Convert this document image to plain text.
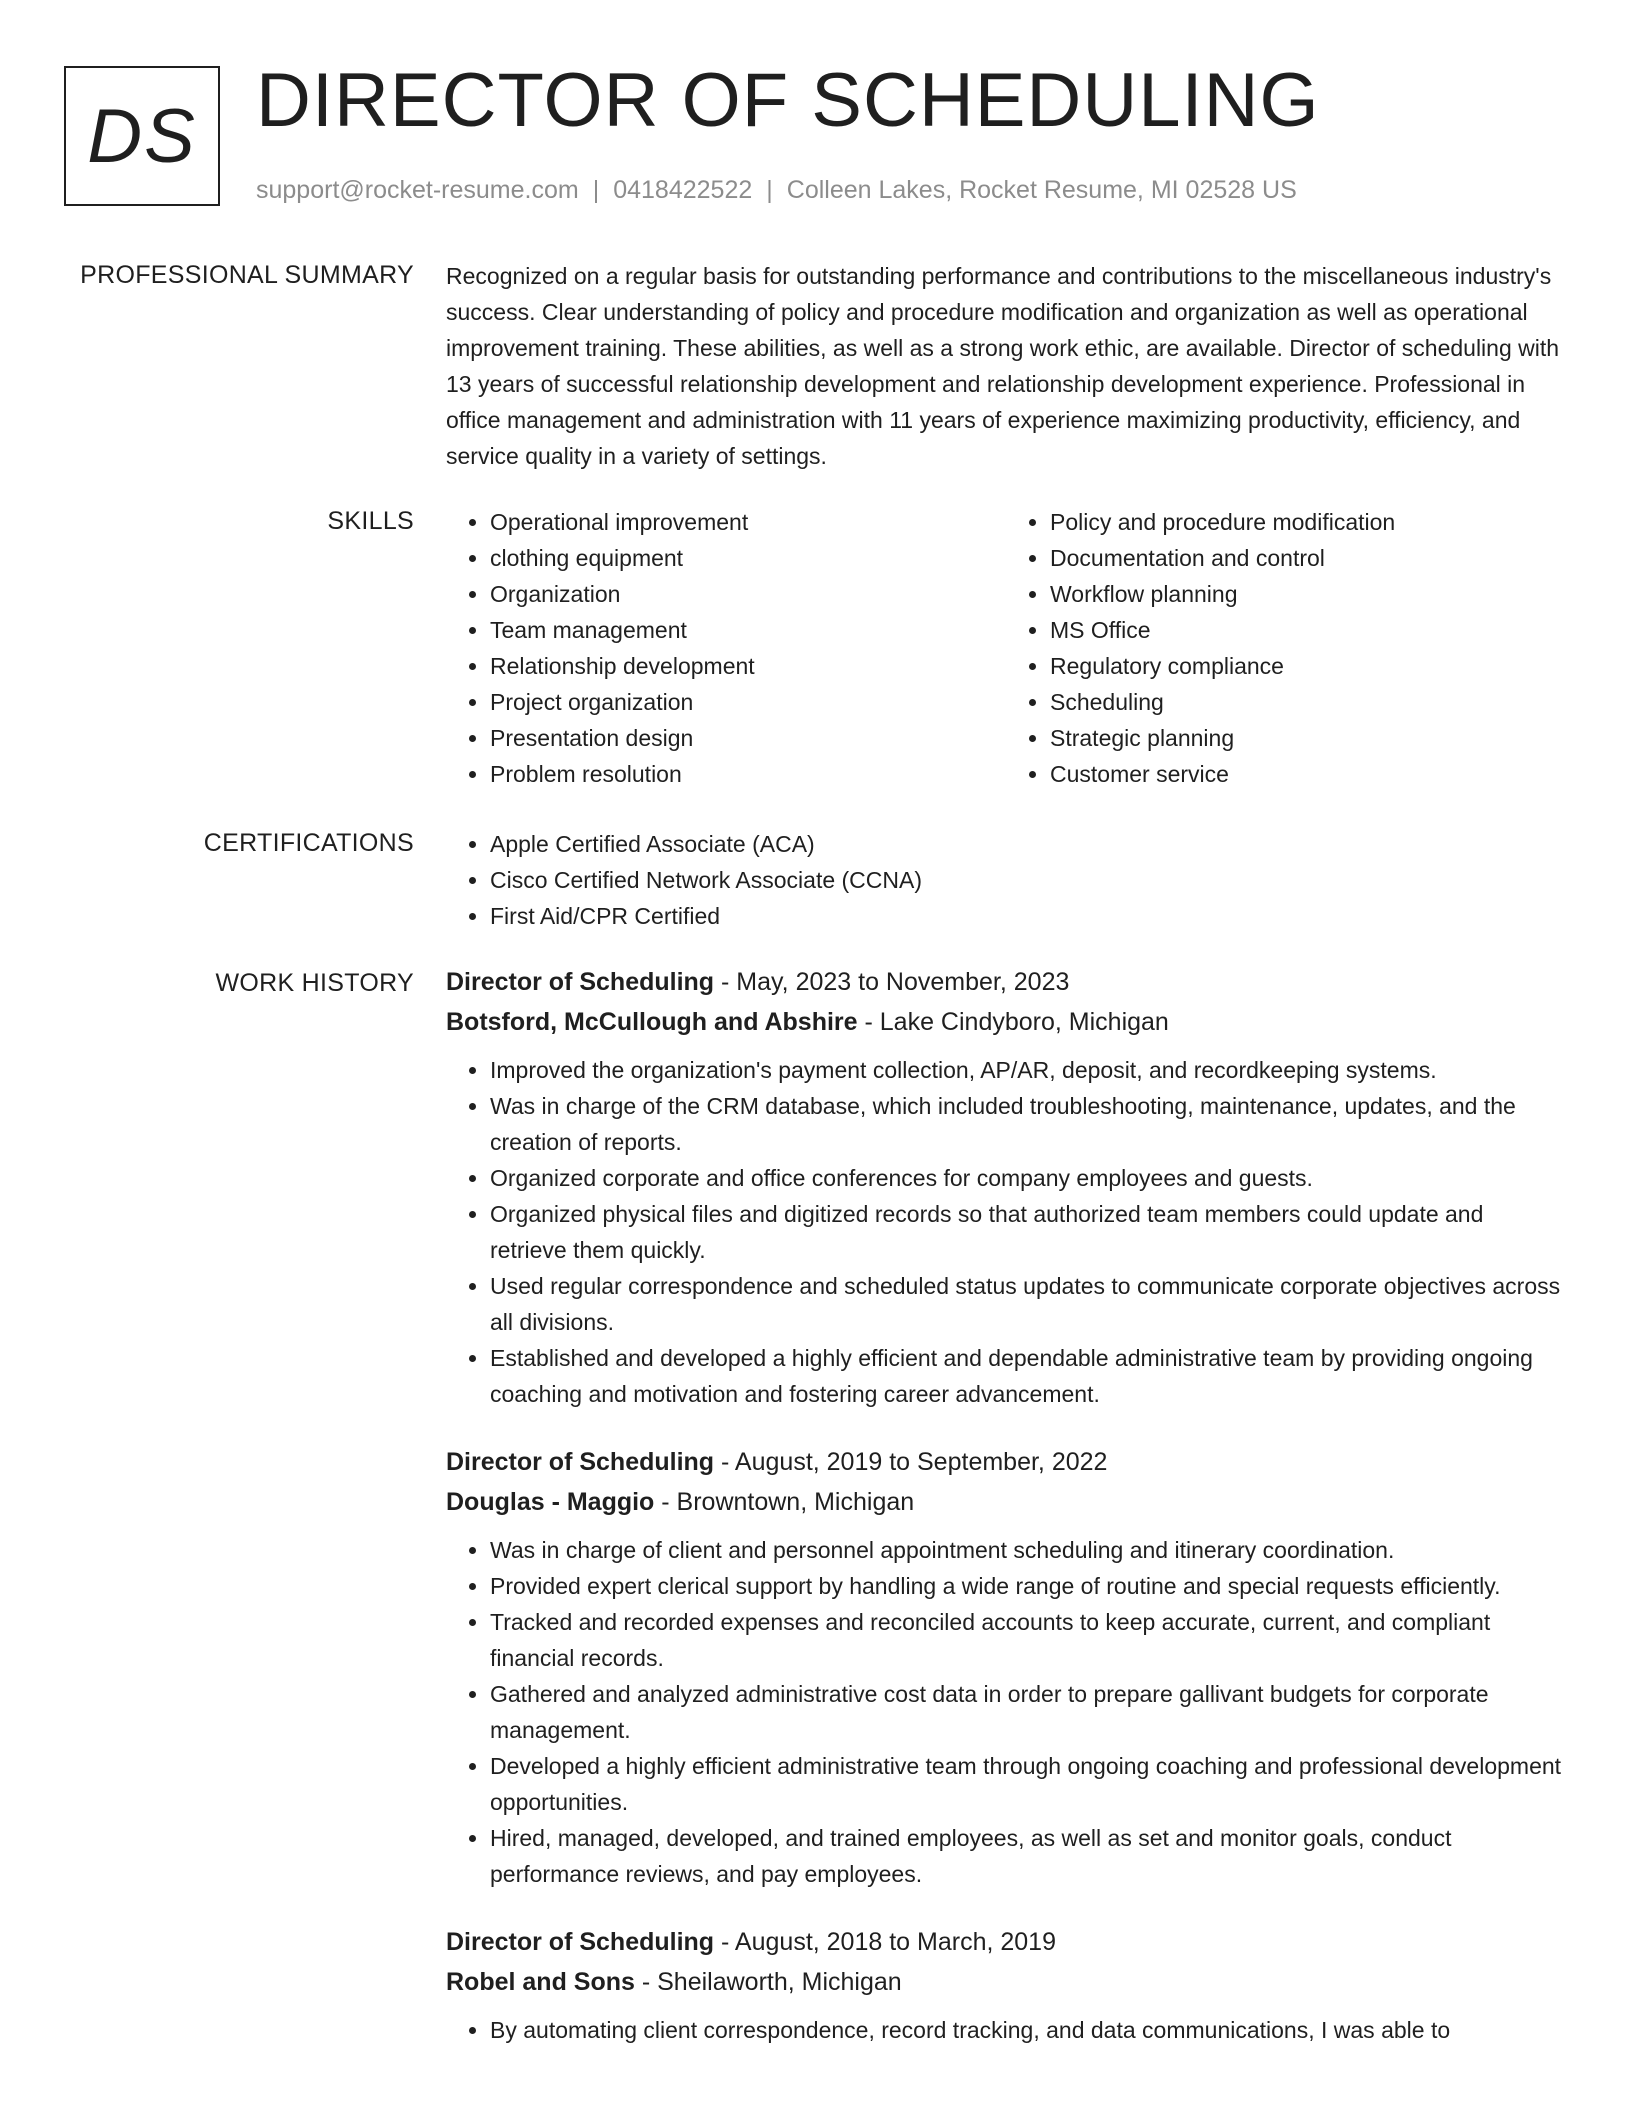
DS DIRECTOR OF SCHEDULING
support@rocket-resume.com | 0418422522 | Colleen Lakes, Rocket Resume, MI 02528 US
PROFESSIONAL SUMMARY Recognized on a regular basis for outstanding performance and contributions to the miscellaneous industry's success. Clear understanding of policy and procedure modification and organization as well as operational improvement training. These abilities, as well as a strong work ethic, are available. Director of scheduling with 13 years of successful relationship development and relationship development experience. Professional in office management and administration with 11 years of experience maximizing productivity, efficiency, and service quality in a variety of settings.

SKILLS	• Operational improvement
• clothing equipment
• Organization
• Team management
• Relationship development
• Project organization
• Presentation design
• Problem resolution
• Policy and procedure modification
• Documentation and control
• Workflow planning
• MS Office
• Regulatory compliance
• Scheduling
• Strategic planning
• Customer service
CERTIFICATIONS	• Apple Certified Associate (ACA)
• Cisco Certified Network Associate (CCNA)
• First Aid/CPR Certified
WORK HISTORY Director of Scheduling - May, 2023 to November, 2023
Botsford, McCullough and Abshire - Lake Cindyboro, Michigan
• Improved the organization's payment collection, AP/AR, deposit, and recordkeeping systems.
• Was in charge of the CRM database, which included troubleshooting, maintenance, updates, and the creation of reports.
• Organized corporate and office conferences for company employees and guests.
• Organized physical files and digitized records so that authorized team members could update and retrieve them quickly.
• Used regular correspondence and scheduled status updates to communicate corporate objectives across all divisions.
• Established and developed a highly efficient and dependable administrative team by providing ongoing coaching and motivation and fostering career advancement.
Director of Scheduling - August, 2019 to September, 2022
Douglas - Maggio - Browntown, Michigan
• Was in charge of client and personnel appointment scheduling and itinerary coordination.
• Provided expert clerical support by handling a wide range of routine and special requests efficiently.
• Tracked and recorded expenses and reconciled accounts to keep accurate, current, and compliant financial records.
• Gathered and analyzed administrative cost data in order to prepare gallivant budgets for corporate management.
• Developed a highly efficient administrative team through ongoing coaching and professional development opportunities.
• Hired, managed, developed, and trained employees, as well as set and monitor goals, conduct performance reviews, and pay employees.
Director of Scheduling - August, 2018 to March, 2019
Robel and Sons - Sheilaworth, Michigan
• By automating client correspondence, record tracking, and data communications, I was able to
